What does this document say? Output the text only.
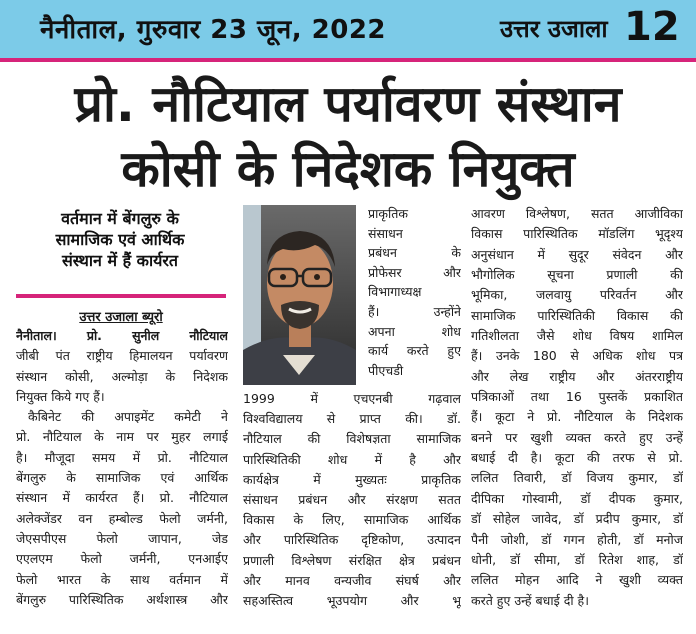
नैनीताल, गुरुवार 23 जून, 2022	उत्तर उजाला 12
प्रो. नौटियाल पर्यावरण संस्थान
कोसी के निदेशक नियुक्त
वर्तमान में बेंगलुरु के
सामाजिक एवं आर्थिक
संस्थान में हैं कार्यरत
उत्तर उजाला ब्यूरो
नैनीताल। प्रो. सुनील नौटियाल
जीबी पंत राष्ट्रीय हिमालयन पर्यावरण
संस्थान कोसी, अल्मोड़ा के निदेशक
नियुक्त किये गए हैं।
कैबिनेट की अपाइमेंट कमेटी ने
प्रो. नौटियाल के नाम पर मुहर लगाई
है। मौजूदा समय में प्रो. नौटियाल
बेंगलुरु के सामाजिक एवं आर्थिक
संस्थान में कार्यरत हैं। प्रो. नौटियाल
अलेक्जेंडर वन हम्बोल्ड फेलो जर्मनी,
जेएसपीएस फेलो जापान, जेड
एएलएम फेलो जर्मनी, एनआईए
फेलो भारत के साथ वर्तमान में
बेंगलुरु पारिस्थितिक अर्थशास्त्र और
प्राकृतिक
संसाधन
प्रबंधन के
प्रोफेसर और
विभागाध्यक्ष
हैं। उन्होंने
अपना शोध
कार्य करते हुए
पीएचडी
1999 में एचएनबी गढ़वाल
विश्वविद्यालय से प्राप्त की। डॉ.
नौटियाल की विशेषज्ञता सामाजिक
पारिस्थितिकी शोध में है और
कार्यक्षेत्र में मुख्यतः प्राकृतिक
संसाधन प्रबंधन और संरक्षण सतत
विकास के लिए, सामाजिक आर्थिक
और पारिस्थितिक दृष्टिकोण, उत्पादन
प्रणाली विश्लेषण संरक्षित क्षेत्र प्रबंधन
और मानव वन्यजीव संघर्ष और
सहअस्तित्व भूउपयोग और भू
आवरण विश्लेषण, सतत आजीविका
विकास पारिस्थितिक मॉडलिंग भूदृश्य
अनुसंधान में सुदूर संवेदन और
भौगोलिक सूचना प्रणाली की
भूमिका, जलवायु परिवर्तन और
सामाजिक पारिस्थितिकी विकास की
गतिशीलता जैसे शोध विषय शामिल
हैं। उनके 180 से अधिक शोध पत्र
और लेख राष्ट्रीय और अंतरराष्ट्रीय
पत्रिकाओं तथा 16 पुस्तकें प्रकाशित
हैं। कूटा ने प्रो. नौटियाल के निदेशक
बनने पर खुशी व्यक्त करते हुए उन्हें
बधाई दी है। कूटा की तरफ से प्रो.
ललित तिवारी, डॉ विजय कुमार, डॉ
दीपिका गोस्वामी, डॉ दीपक कुमार,
डॉ सोहेल जावेद, डॉ प्रदीप कुमार, डॉ
पैनी जोशी, डॉ गगन होती, डॉ मनोज
धोनी, डॉ सीमा, डॉ रितेश शाह, डॉ
ललित मोहन आदि ने खुशी व्यक्त
करते हुए उन्हें बधाई दी है।
